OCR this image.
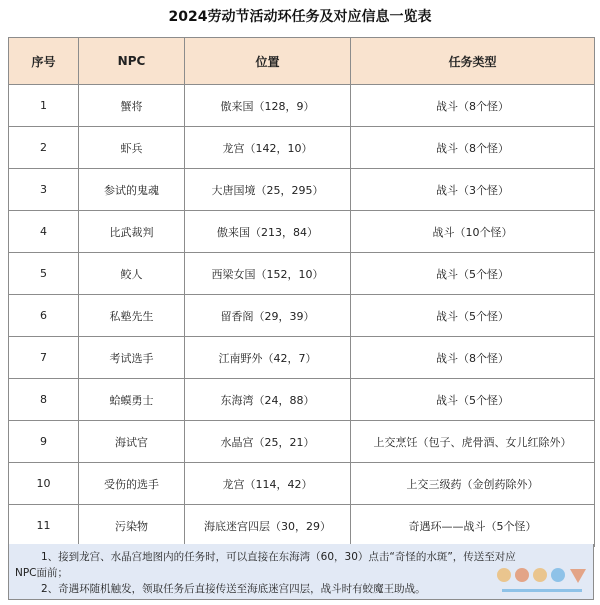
2024劳动节活动环任务及对应信息一览表
序号	NPC	位置	任务类型
1	蟹将	傲来国（128，9）	战斗（8个怪）
2	虾兵	龙宫（142，10）	战斗（8个怪）
3	参试的鬼魂	大唐国境（25，295）	战斗（3个怪）
4	比武裁判	傲来国（213，84）	战斗（10个怪）
5	鲛人	西梁女国（152，10）	战斗（5个怪）
6	私塾先生	留香阁（29，39）	战斗（5个怪）
7	考试选手	江南野外（42，7）	战斗（8个怪）
8	蛤蟆勇士	东海湾（24，88）	战斗（5个怪）
9	海试官	水晶宫（25，21）	上交烹饪（包子、虎骨酒、女儿红除外）
10	受伤的选手	龙宫（114，42）	上交三级药（金创药除外）
11	污染物	海底迷宫四层（30，29）	奇遇环——战斗（5个怪）

1、接到龙宫、水晶宫地图内的任务时，可以直接在东海湾（60，30）点击“奇怪的水斑”，传送至对应

NPC面前；

2、奇遇环随机触发，领取任务后直接传送至海底迷宫四层，战斗时有蛟魔王助战。
